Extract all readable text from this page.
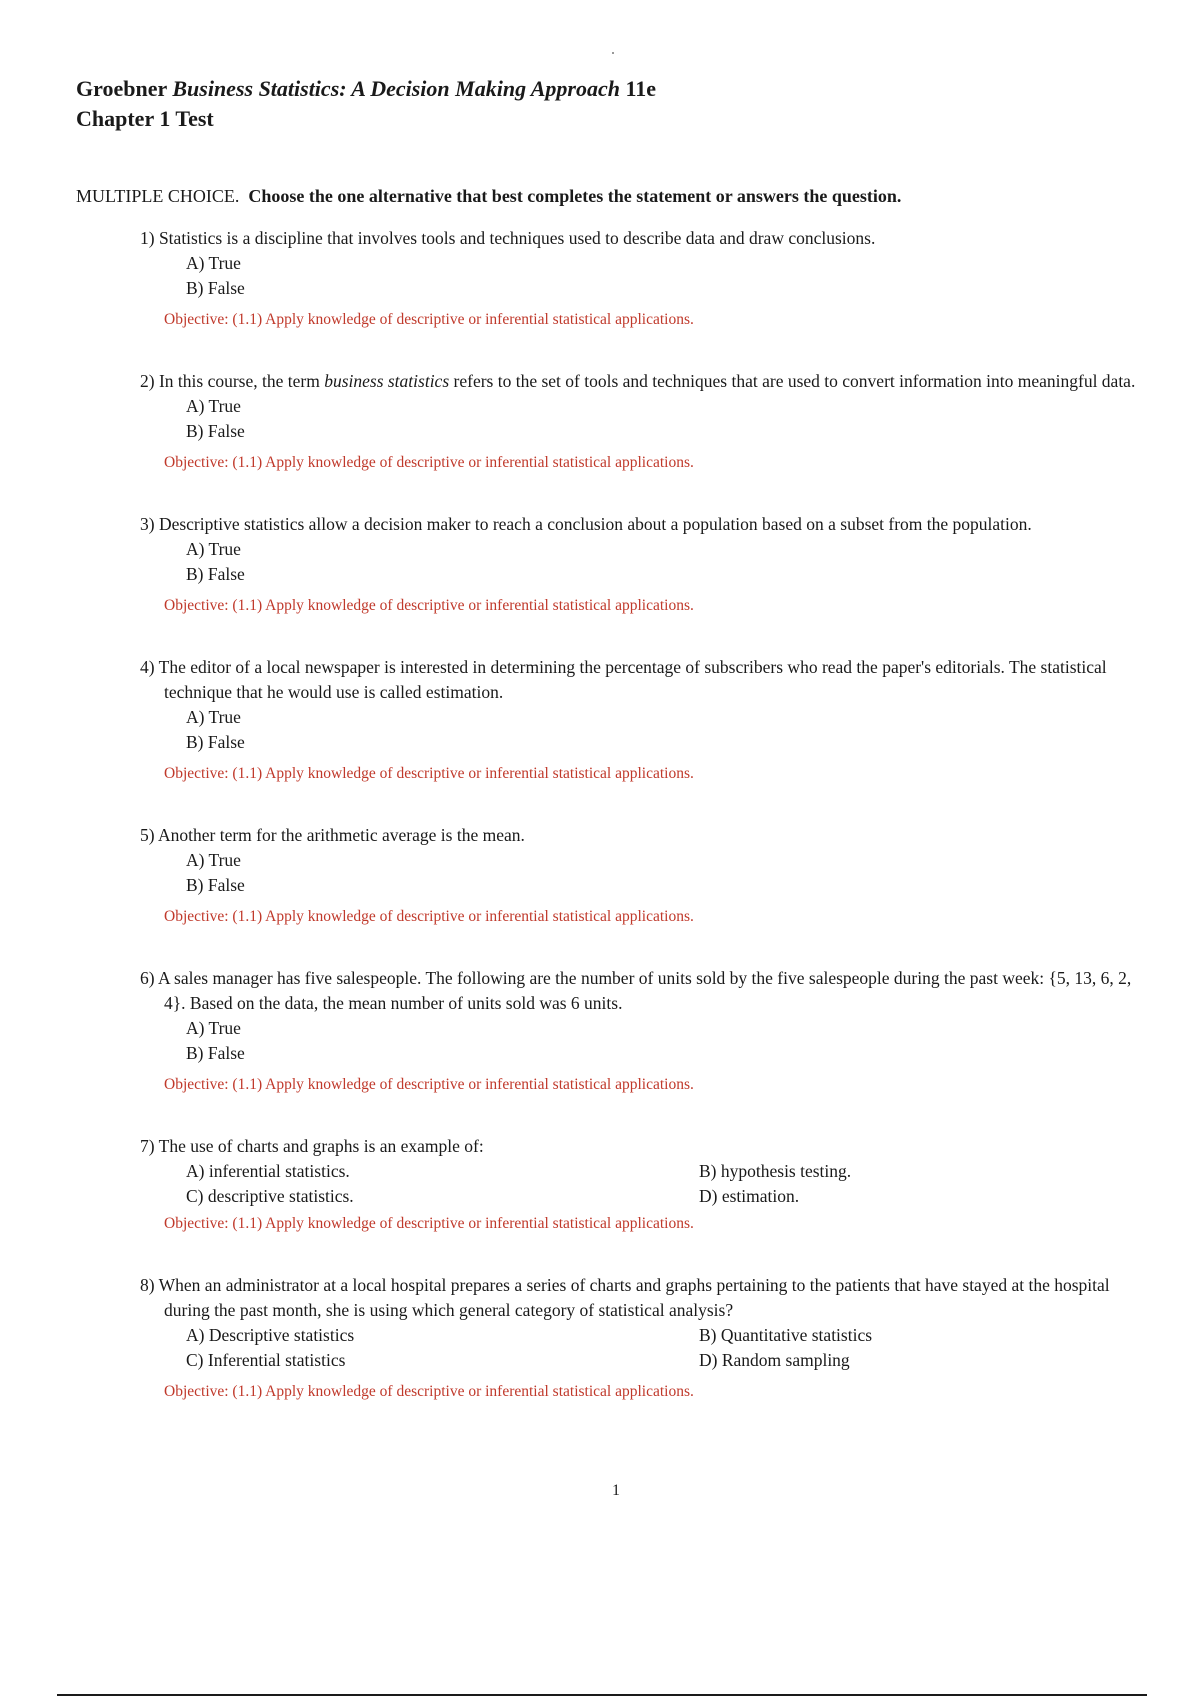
Groebner Business Statistics: A Decision Making Approach 11e
Chapter 1 Test
MULTIPLE CHOICE. Choose the one alternative that best completes the statement or answers the question.
1) Statistics is a discipline that involves tools and techniques used to describe data and draw conclusions.
A) True
B) False
Objective: (1.1) Apply knowledge of descriptive or inferential statistical applications.
2) In this course, the term business statistics refers to the set of tools and techniques that are used to convert information into meaningful data.
A) True
B) False
Objective: (1.1) Apply knowledge of descriptive or inferential statistical applications.
3) Descriptive statistics allow a decision maker to reach a conclusion about a population based on a subset from the population.
A) True
B) False
Objective: (1.1) Apply knowledge of descriptive or inferential statistical applications.
4) The editor of a local newspaper is interested in determining the percentage of subscribers who read the paper's editorials. The statistical technique that he would use is called estimation.
A) True
B) False
Objective: (1.1) Apply knowledge of descriptive or inferential statistical applications.
5) Another term for the arithmetic average is the mean.
A) True
B) False
Objective: (1.1) Apply knowledge of descriptive or inferential statistical applications.
6) A sales manager has five salespeople. The following are the number of units sold by the five salespeople during the past week: {5, 13, 6, 2, 4}. Based on the data, the mean number of units sold was 6 units.
A) True
B) False
Objective: (1.1) Apply knowledge of descriptive or inferential statistical applications.
7) The use of charts and graphs is an example of:
A) inferential statistics.	B) hypothesis testing.
C) descriptive statistics.	D) estimation.
Objective: (1.1) Apply knowledge of descriptive or inferential statistical applications.
8) When an administrator at a local hospital prepares a series of charts and graphs pertaining to the patients that have stayed at the hospital during the past month, she is using which general category of statistical analysis?
A) Descriptive statistics	B) Quantitative statistics
C) Inferential statistics	D) Random sampling
Objective: (1.1) Apply knowledge of descriptive or inferential statistical applications.
1
